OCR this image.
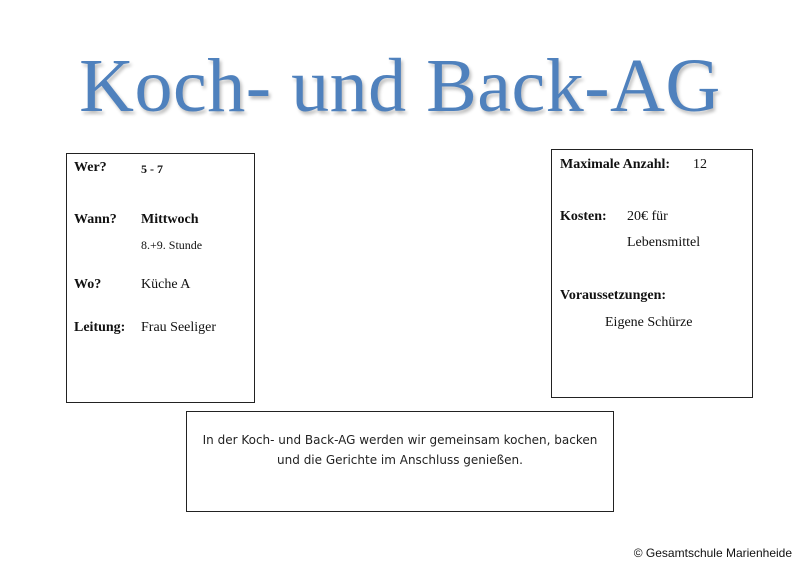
Koch- und Back-AG
Wer?	5 - 7
Wann? Mittwoch
8.+9. Stunde
Wo?	Küche A
Leitung: Frau Seeliger
Maximale Anzahl: 12
Kosten: 20€ für
Lebensmittel
Voraussetzungen:
Eigene Schürze
In der Koch- und Back-AG werden wir gemeinsam kochen, backen
und die Gerichte im Anschluss genießen.
© Gesamtschule Marienheide
